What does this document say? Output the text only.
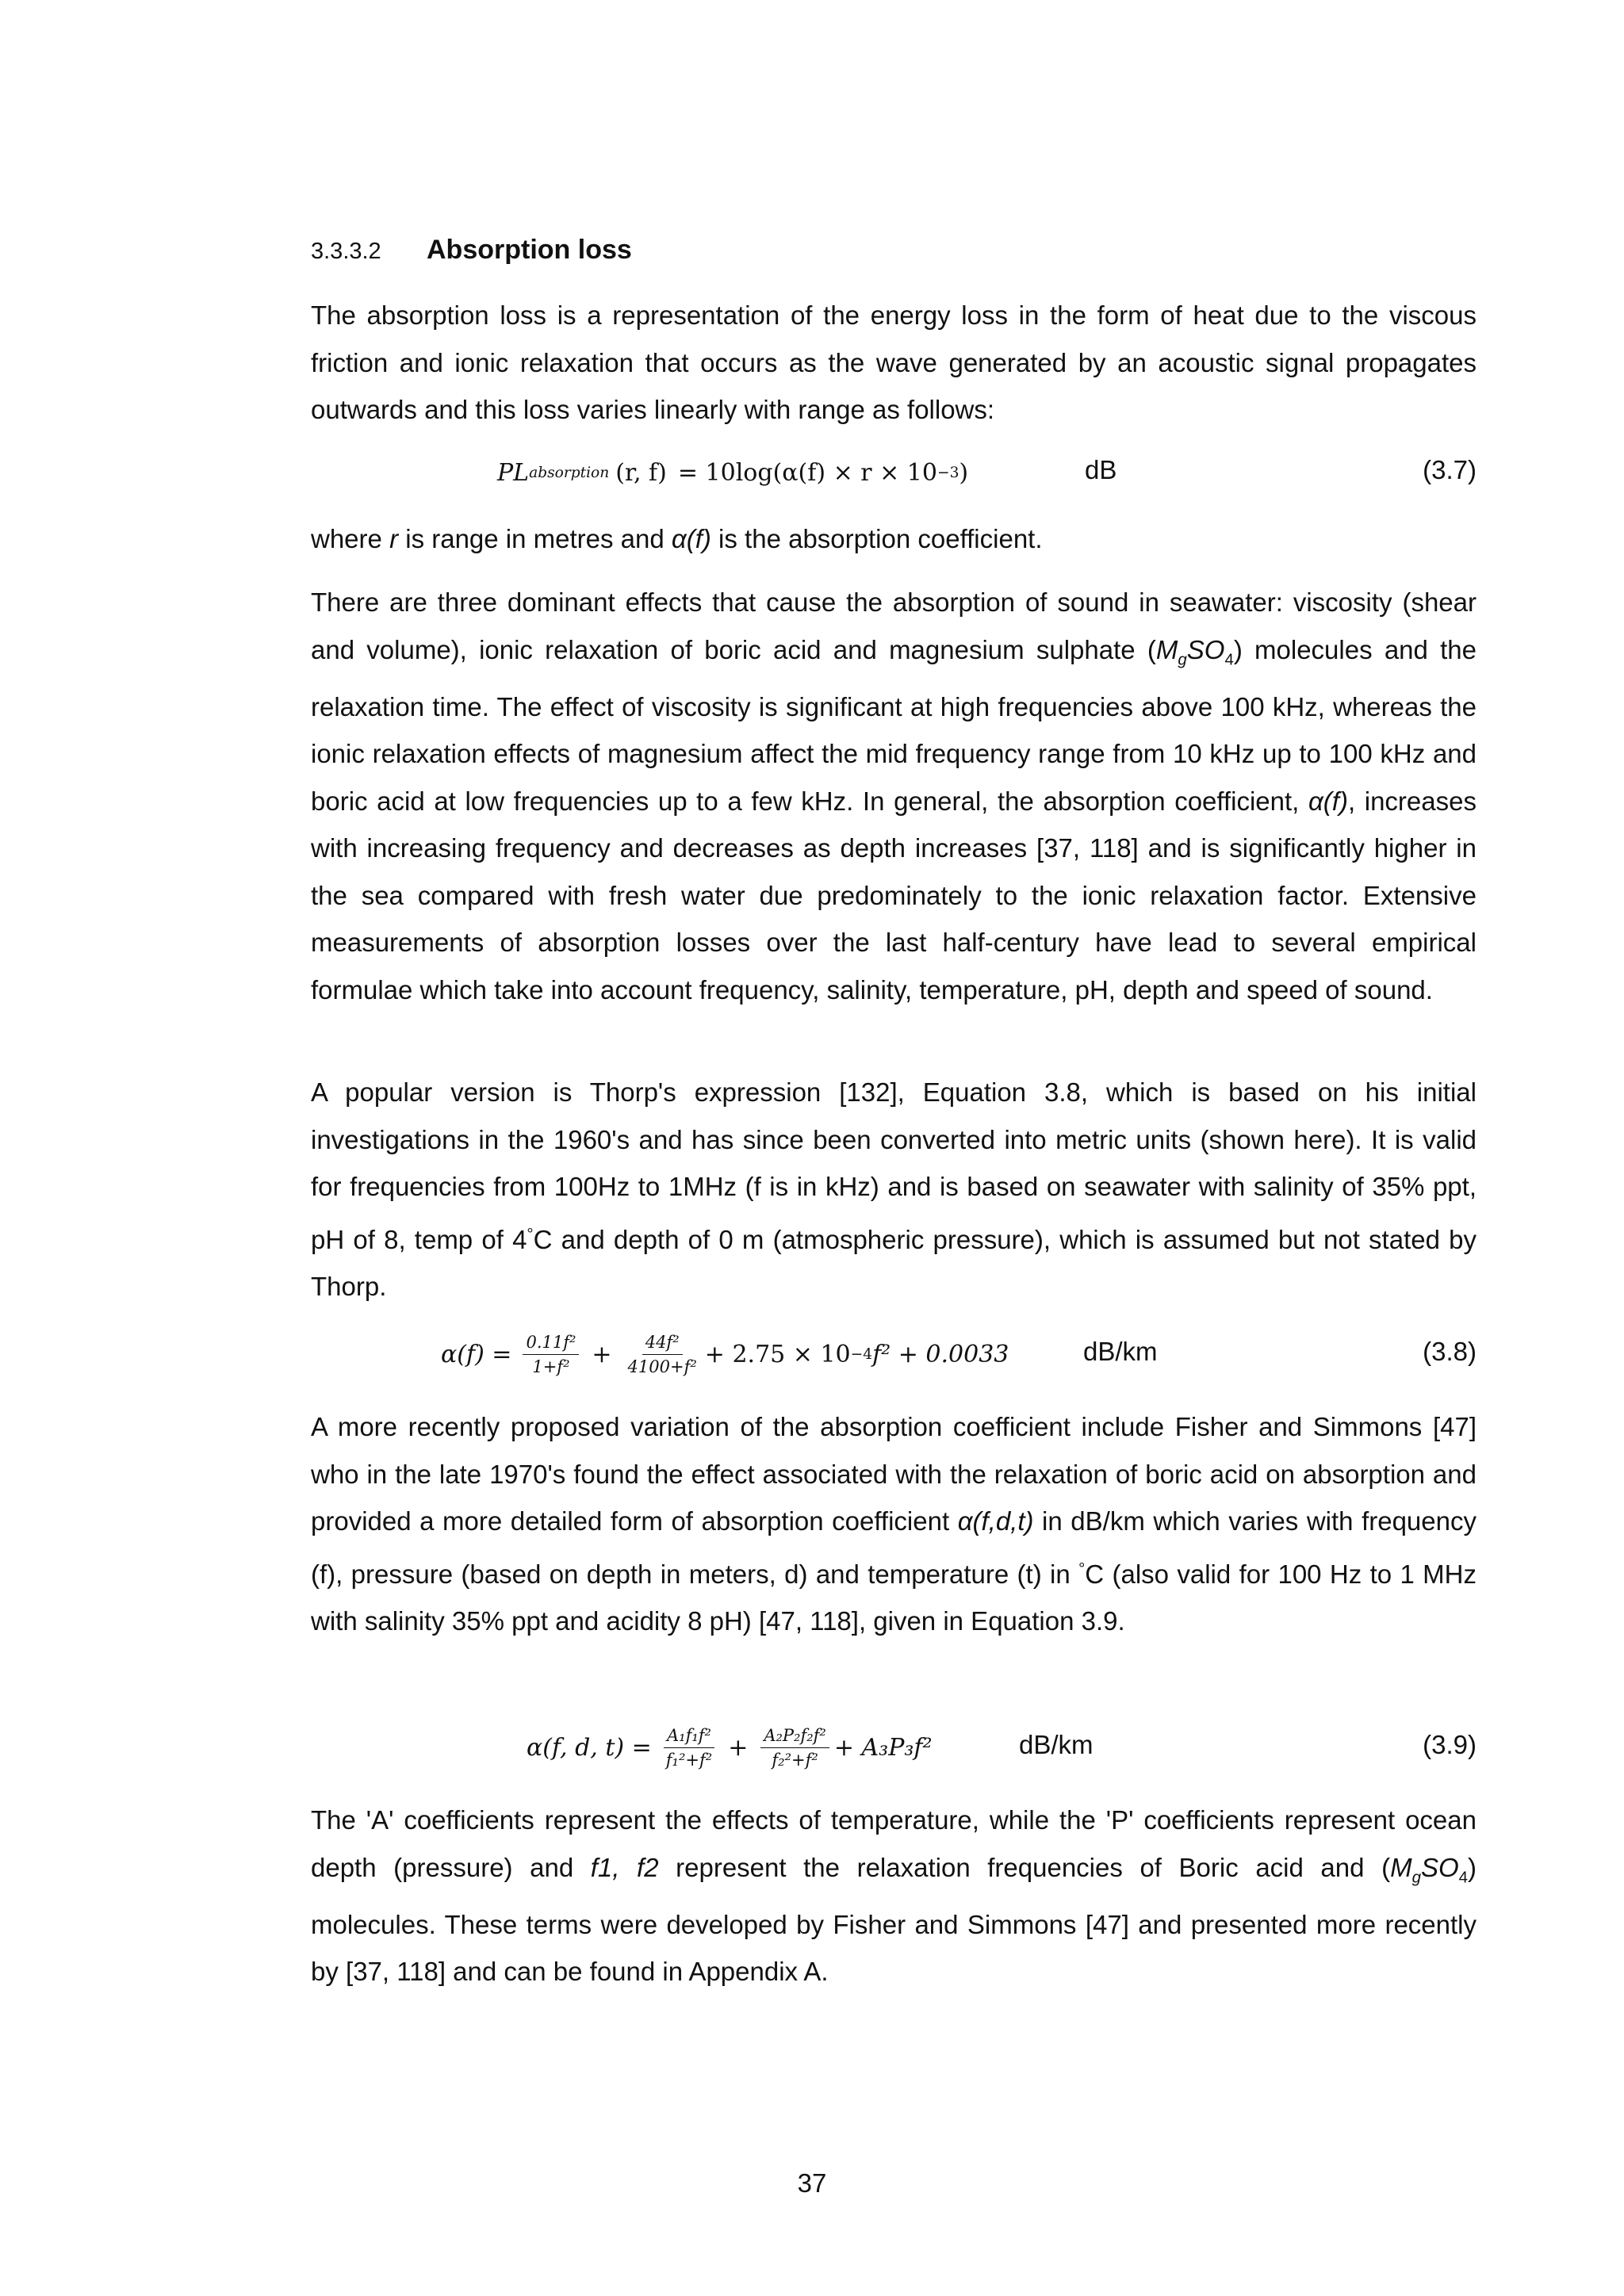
3.3.3.2 Absorption loss

The absorption loss is a representation of the energy loss in the form of heat due to the viscous friction and ionic relaxation that occurs as the wave generated by an acoustic signal propagates outwards and this loss varies linearly with range as follows:

PL absorption (r, f) = 10log(α(f) × r × 10 −3 )	dB	(3.7)

where r is range in metres and α(f) is the absorption coefficient.

There are three dominant effects that cause the absorption of sound in seawater: viscosity (shear and volume), ionic relaxation of boric acid and magnesium sulphate $(M_gSO_4)$ molecules and the relaxation time. The effect of viscosity is significant at high frequencies above 100 kHz, whereas the ionic relaxation effects of magnesium affect the mid frequency range from 10 kHz up to 100 kHz and boric acid at low frequencies up to a few kHz. In general, the absorption coefficient, α(f), increases with increasing frequency and decreases as depth increases [37, 118] and is significantly higher in the sea compared with fresh water due predominately to the ionic relaxation factor. Extensive measurements of absorption losses over the last half-century have lead to several empirical formulae which take into account frequency, salinity, temperature, pH, depth and speed of sound.

A popular version is Thorp's expression [132], Equation 3.8, which is based on his initial investigations in the 1960's and has since been converted into metric units (shown here). It is valid for frequencies from 100Hz to 1MHz (f is in kHz) and is based on seawater with salinity of 35% ppt, pH of 8, temp of 4°C and depth of 0 m (atmospheric pressure), which is assumed but not stated by Thorp.

$\alpha(f) = \frac{\text{0.11f²}}{\text{1+f²}} + \frac{\text{44f²}}{\text{4100+f²}} + 2.75 \times 10 -4$ f² + 0.0033	dB/km	(3.8)

A more recently proposed variation of the absorption coefficient include Fisher and Simmons [47] who in the late 1970's found the effect associated with the relaxation of boric acid on absorption and provided a more detailed form of absorption coefficient α(f,d,t) in dB/km which varies with frequency (f), pressure (based on depth in meters, d) and temperature (t) in °C (also valid for 100 Hz to 1 MHz with salinity 35% ppt and acidity 8 pH) [47, 118], given in Equation 3.9.

α(f, d, $t) = \frac{\text{A₁f₁f²}}{\text{f₁²+f²}} + \frac{\text{A₂P₂f₂f²}}{\text{f₂²+f²}} + A_3P_3f^2$	dB/km	(3.9)

The 'A' coefficients represent the effects of temperature, while the 'P' coefficients represent ocean depth (pressure) and f1, f2 represent the relaxation frequencies of Boric acid and $(M_gSO_4)$ molecules. These terms were developed by Fisher and Simmons [47] and presented more recently by [37, 118] and can be found in Appendix A.

37
